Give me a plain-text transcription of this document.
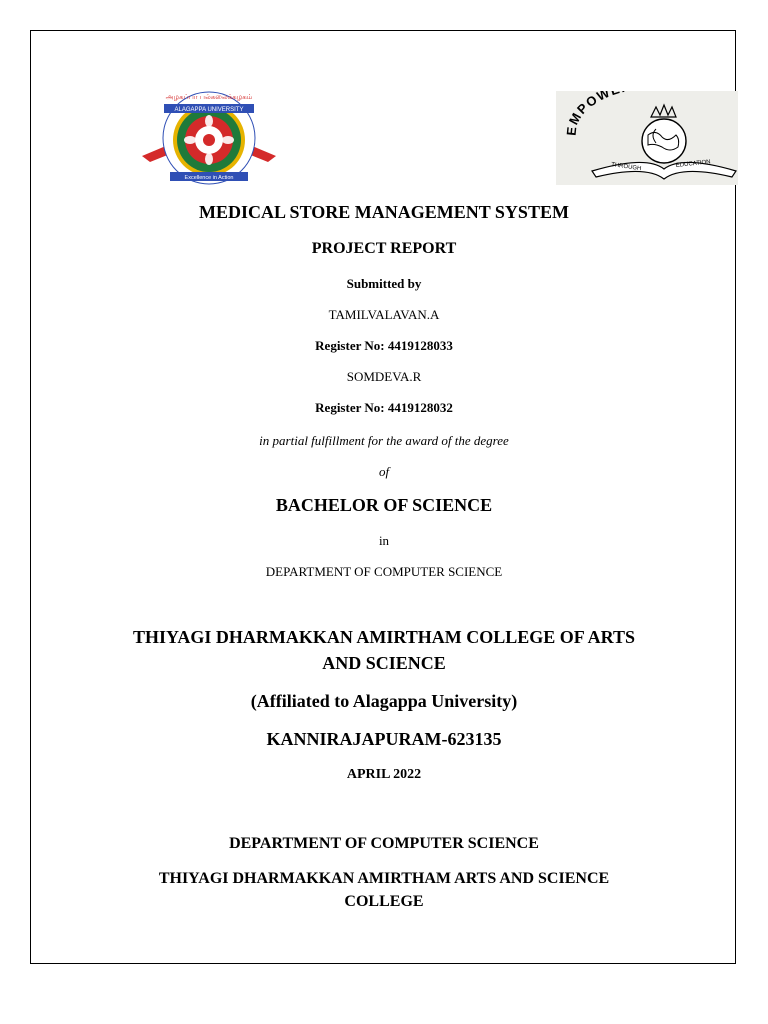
ALAGAPPA UNIVERSITY
அழகப்பா பல்கலைக்கழகம்
Excellence in Action
EMPOW
THROUGH	EDUCATION
MEDICAL STORE MANAGEMENT SYSTEM
PROJECT REPORT
Submitted by
TAMILVALAVAN.A
Register No: 4419128033
SOMDEVA.R
Register No: 4419128032
in partial fulfillment for the award of the degree
of
BACHELOR OF SCIENCE
in
DEPARTMENT OF COMPUTER SCIENCE
THIYAGI DHARMAKKAN AMIRTHAM COLLEGE OF ARTS
AND SCIENCE
(Affiliated to Alagappa University)
KANNIRAJAPURAM-623135
APRIL 2022
DEPARTMENT OF COMPUTER SCIENCE
THIYAGI DHARMAKKAN AMIRTHAM ARTS AND SCIENCE
COLLEGE
